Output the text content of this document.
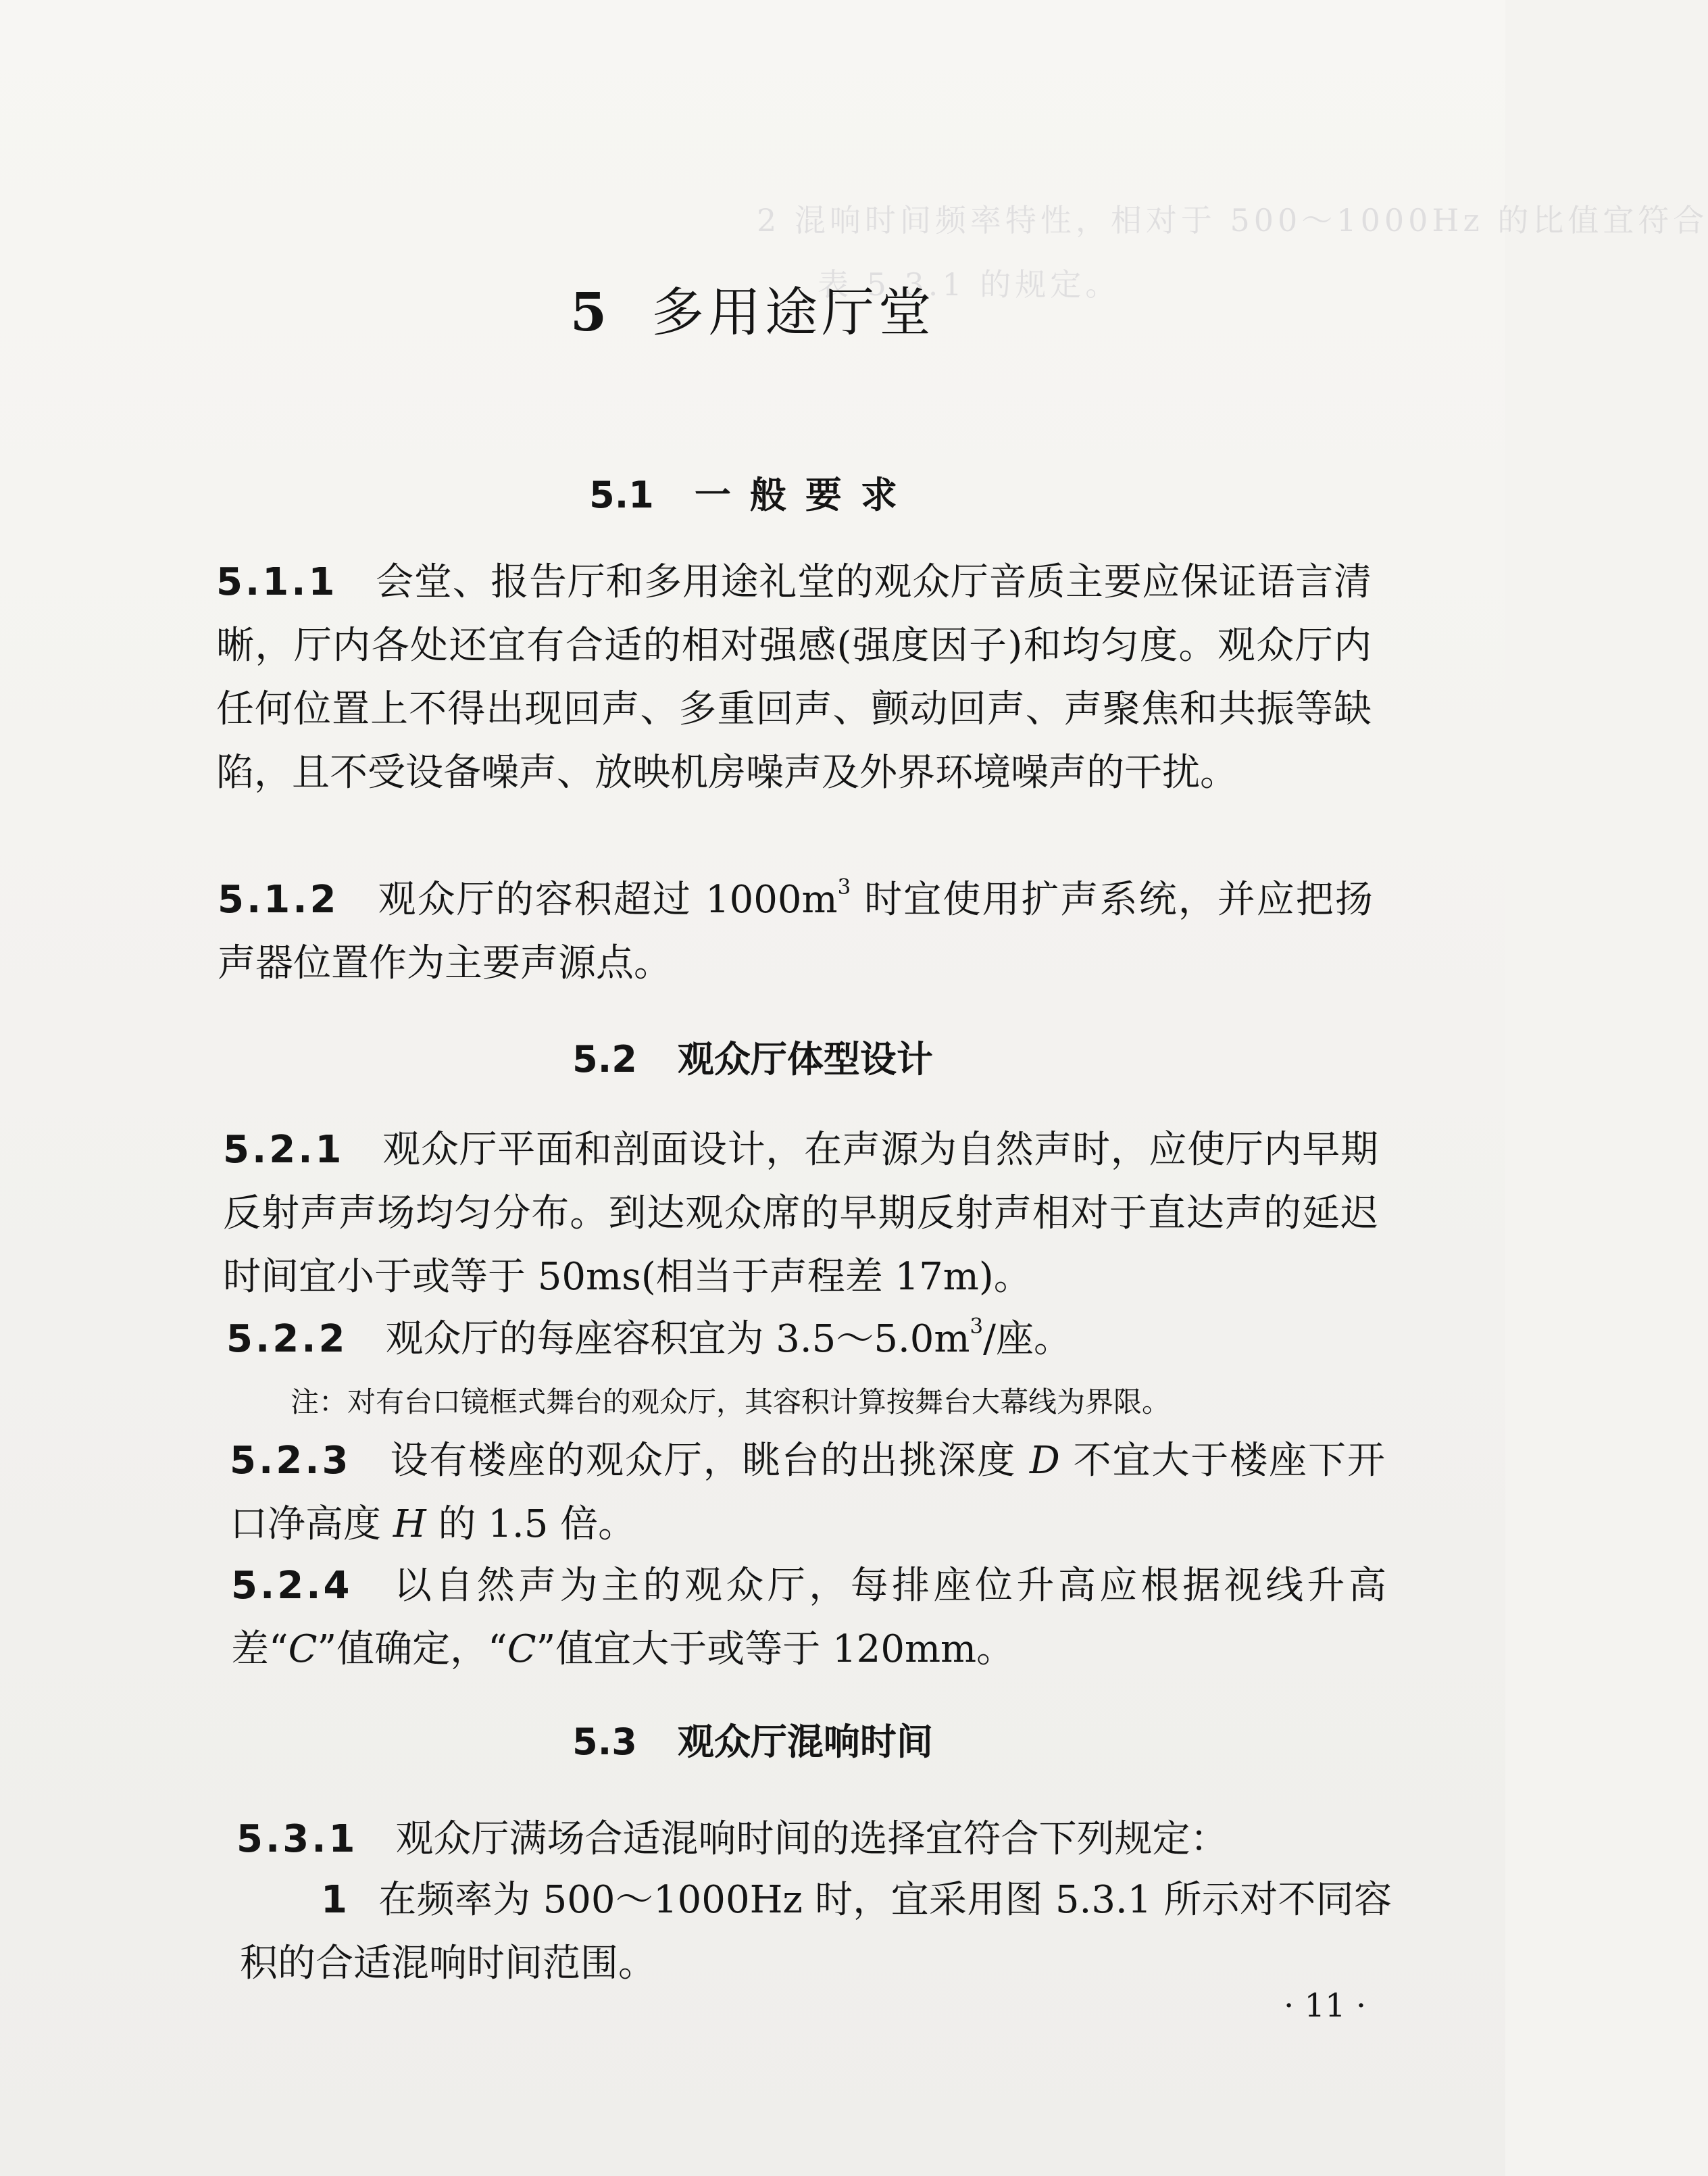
2 混响时间频率特性，相对于 500～1000Hz 的比值宜符合
表 5.3.1 的规定。
5 多用途厅堂
5.1 一般要求
5.1.1 会堂、报告厅和多用途礼堂的观众厅音质主要应保证语言清晰，厅内各处还宜有合适的相对强感(强度因子)和均匀度。观众厅内任何位置上不得出现回声、多重回声、颤动回声、声聚焦和共振等缺陷，且不受设备噪声、放映机房噪声及外界环境噪声的干扰。
5.1.2 观众厅的容积超过 $1000m^3$ 时宜使用扩声系统，并应把扬声器位置作为主要声源点。
5.2 观众厅体型设计
5.2.1 观众厅平面和剖面设计，在声源为自然声时，应使厅内早期反射声声场均匀分布。到达观众席的早期反射声相对于直达声的延迟时间宜小于或等于 50ms(相当于声程差 17m)。
5.2.2 观众厅的每座容积宜为 $3.5\sim 5.0m^3/$座。
注：对有台口镜框式舞台的观众厅，其容积计算按舞台大幕线为界限。
5.2.3 设有楼座的观众厅，眺台的出挑深度 D 不宜大于楼座下开口净高度 H 的 1.5 倍。
5.2.4 以自然声为主的观众厅，每排座位升高应根据视线升高差“C”值确定，“C”值宜大于或等于 120mm。
5.3 观众厅混响时间
5.3.1 观众厅满场合适混响时间的选择宜符合下列规定：
1 在频率为 500～1000Hz 时，宜采用图 5.3.1 所示对不同容积的合适混响时间范围。
· 11 ·
